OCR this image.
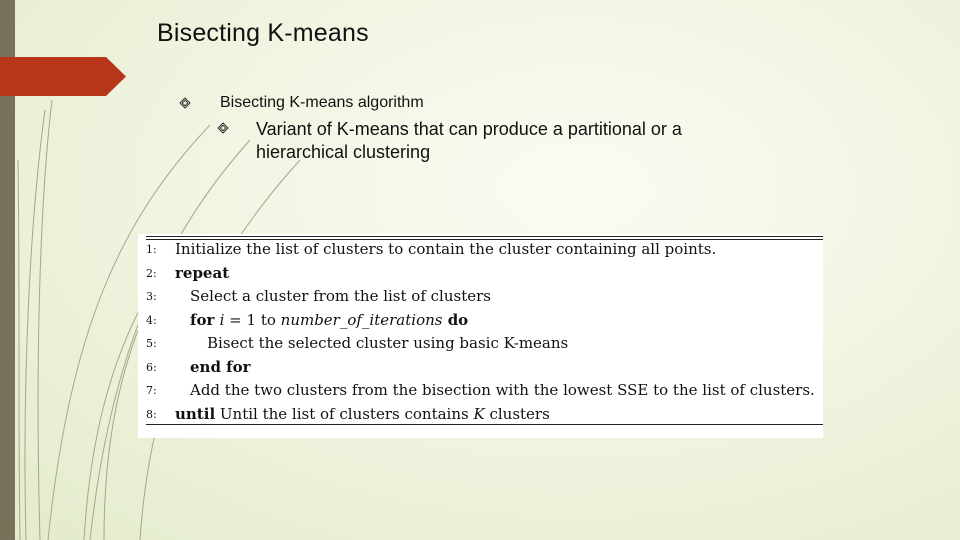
Bisecting K-means
Bisecting K-means algorithm
Variant of K-means that can produce a partitional or a hierarchical clustering
1:	Initialize the list of clusters to contain the cluster containing all points.
2:	repeat
3:	Select a cluster from the list of clusters
4:	for i = 1 to number_of_iterations do
5:	Bisect the selected cluster using basic K-means
6:	end for
7:	Add the two clusters from the bisection with the lowest SSE to the list of clusters.
8:	until Until the list of clusters contains K clusters
